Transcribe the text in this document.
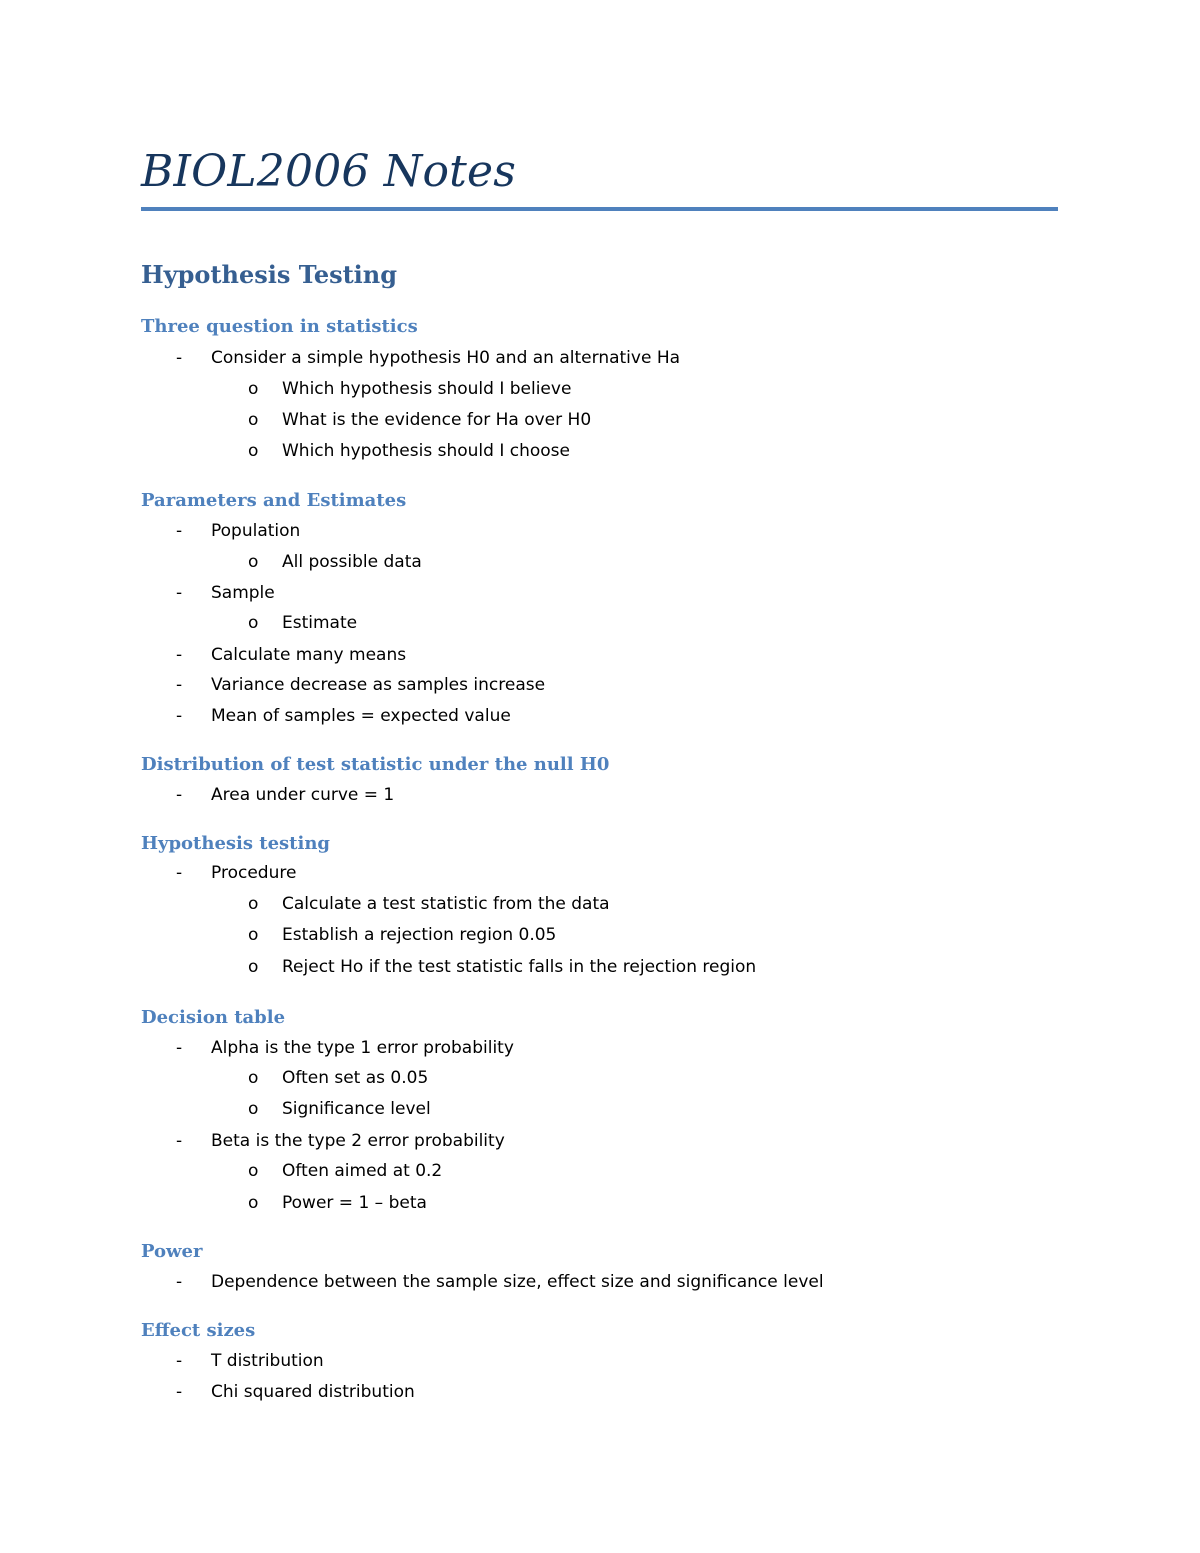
BIOL2006 Notes
Hypothesis Testing
Three question in statistics
- Consider a simple hypothesis H0 and an alternative Ha
o Which hypothesis should I believe
o What is the evidence for Ha over H0
o Which hypothesis should I choose
Parameters and Estimates
- Population
o All possible data
- Sample
o Estimate
- Calculate many means
- Variance decrease as samples increase
- Mean of samples = expected value
Distribution of test statistic under the null H0
- Area under curve = 1
Hypothesis testing
- Procedure
o Calculate a test statistic from the data
o Establish a rejection region 0.05
o Reject Ho if the test statistic falls in the rejection region
Decision table
- Alpha is the type 1 error probability
o Often set as 0.05
o Significance level
- Beta is the type 2 error probability
o Often aimed at 0.2
o Power = 1 – beta
Power
- Dependence between the sample size, effect size and significance level
Effect sizes
- T distribution
- Chi squared distribution
